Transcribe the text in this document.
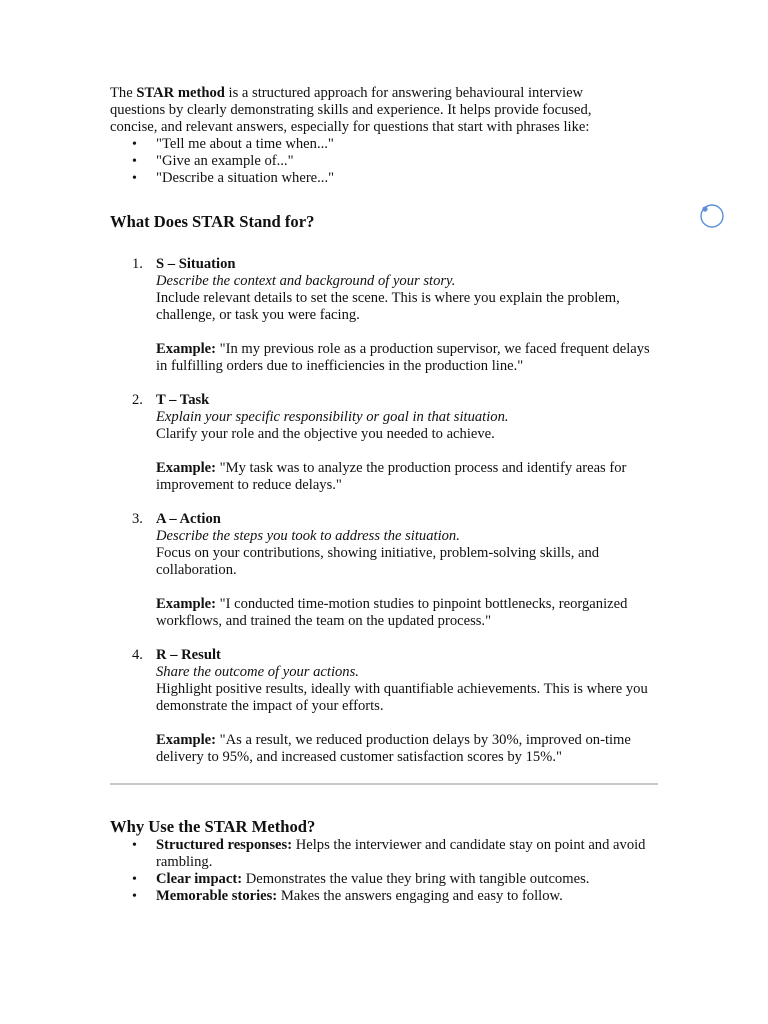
The STAR method is a structured approach for answering behavioural interview questions by clearly demonstrating skills and experience. It helps provide focused, concise, and relevant answers, especially for questions that start with phrases like:

• "Tell me about a time when..."
• "Give an example of..."
• "Describe a situation where..."
What Does STAR Stand for?
1. S – Situation
Describe the context and background of your story.
Include relevant details to set the scene. This is where you explain the problem, challenge, or task you were facing.
Example: "In my previous role as a production supervisor, we faced frequent delays in fulfilling orders due to inefficiencies in the production line."
2. T – Task
Explain your specific responsibility or goal in that situation.
Clarify your role and the objective you needed to achieve.
Example: "My task was to analyze the production process and identify areas for improvement to reduce delays."
3. A – Action
Describe the steps you took to address the situation.
Focus on your contributions, showing initiative, problem-solving skills, and collaboration.
Example: "I conducted time-motion studies to pinpoint bottlenecks, reorganized workflows, and trained the team on the updated process."
4. R – Result
Share the outcome of your actions.
Highlight positive results, ideally with quantifiable achievements. This is where you demonstrate the impact of your efforts.
Example: "As a result, we reduced production delays by 30%, improved on-time delivery to 95%, and increased customer satisfaction scores by 15%."
Why Use the STAR Method?
• Structured responses: Helps the interviewer and candidate stay on point and avoid rambling.
• Clear impact: Demonstrates the value they bring with tangible outcomes.
• Memorable stories: Makes the answers engaging and easy to follow.
